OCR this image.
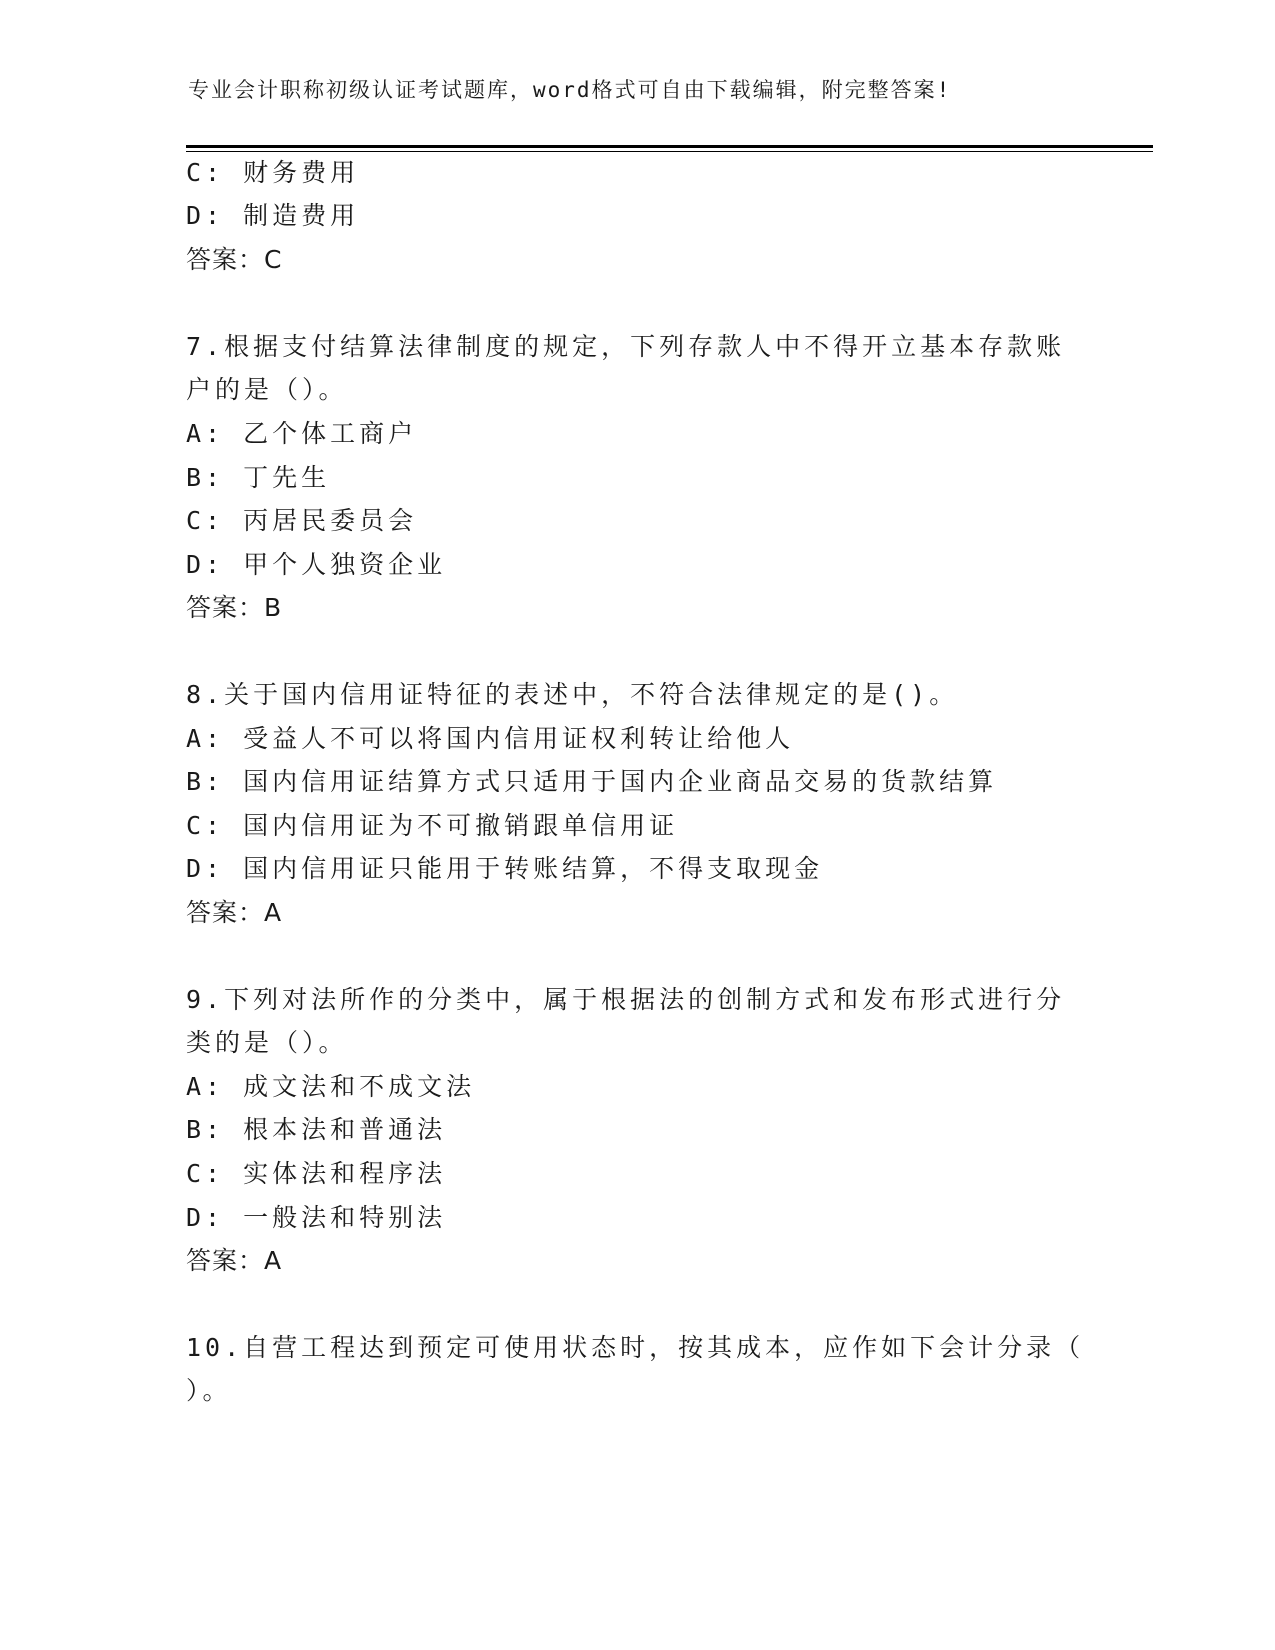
专业会计职称初级认证考试题库，word格式可自由下载编辑，附完整答案!
C: 财务费用
D: 制造费用
答案：C
7.根据支付结算法律制度的规定，下列存款人中不得开立基本存款账
户的是（）。
A: 乙个体工商户
B: 丁先生
C: 丙居民委员会
D: 甲个人独资企业
答案：B
8.关于国内信用证特征的表述中，不符合法律规定的是()。
A: 受益人不可以将国内信用证权利转让给他人
B: 国内信用证结算方式只适用于国内企业商品交易的货款结算
C: 国内信用证为不可撤销跟单信用证
D: 国内信用证只能用于转账结算，不得支取现金
答案：A
9.下列对法所作的分类中，属于根据法的创制方式和发布形式进行分
类的是（）。
A: 成文法和不成文法
B: 根本法和普通法
C: 实体法和程序法
D: 一般法和特别法
答案：A
10.自营工程达到预定可使用状态时，按其成本，应作如下会计分录（
）。
